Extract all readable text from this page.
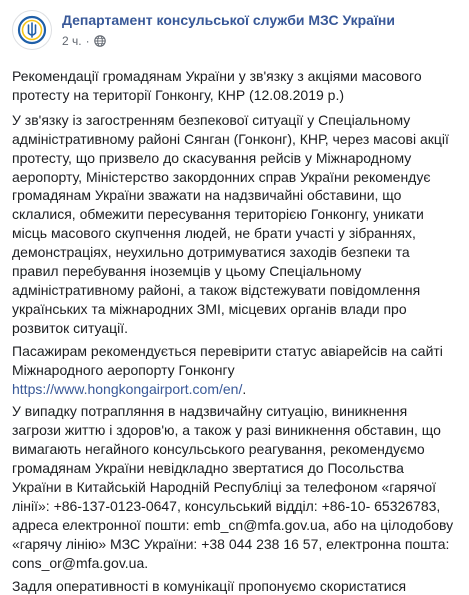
Департамент консульської служби МЗС України
2 ч. ·

Рекомендації громадянам України у зв'язку з акціями масового протесту на території Гонконгу, КНР (12.08.2019 р.)

У зв'язку із загостренням безпекової ситуації у Спеціальному адміністративному районі Сянган (Гонконг), КНР, через масові акції протесту, що призвело до скасування рейсів у Міжнародному аеропорту, Міністерство закордонних справ України рекомендує громадянам України зважати на надзвичайні обставини, що склалися, обмежити пересування територією Гонконгу, уникати місць масового скупчення людей, не брати участі у зібраннях, демонстраціях, неухильно дотримуватися заходів безпеки та правил перебування іноземців у цьому Спеціальному адміністративному районі, а також відстежувати повідомлення українських та міжнародних ЗМІ, місцевих органів влади про розвиток ситуації.

Пасажирам рекомендується перевірити статус авіарейсів на сайті Міжнародного аеропорту Гонконгу
https://www.hongkongairport.com/en/.

У випадку потрапляння в надзвичайну ситуацію, виникнення загрози життю і здоров'ю, а також у разі виникнення обставин, що вимагають негайного консульського реагування, рекомендуємо громадянам України невідкладно звертатися до Посольства України в Китайській Народній Республіці за телефоном «гарячої лінії»: +86-137-0123-0647, консульський відділ: +86-10- 65326783, адреса електронної пошти: emb_cn@mfa.gov.ua, або на цілодобову «гарячу лінію» МЗС України: +38 044 238 16 57, електронна пошта: cons_or@mfa.gov.ua.

Задля оперативності в комунікації пропонуємо скористатися
